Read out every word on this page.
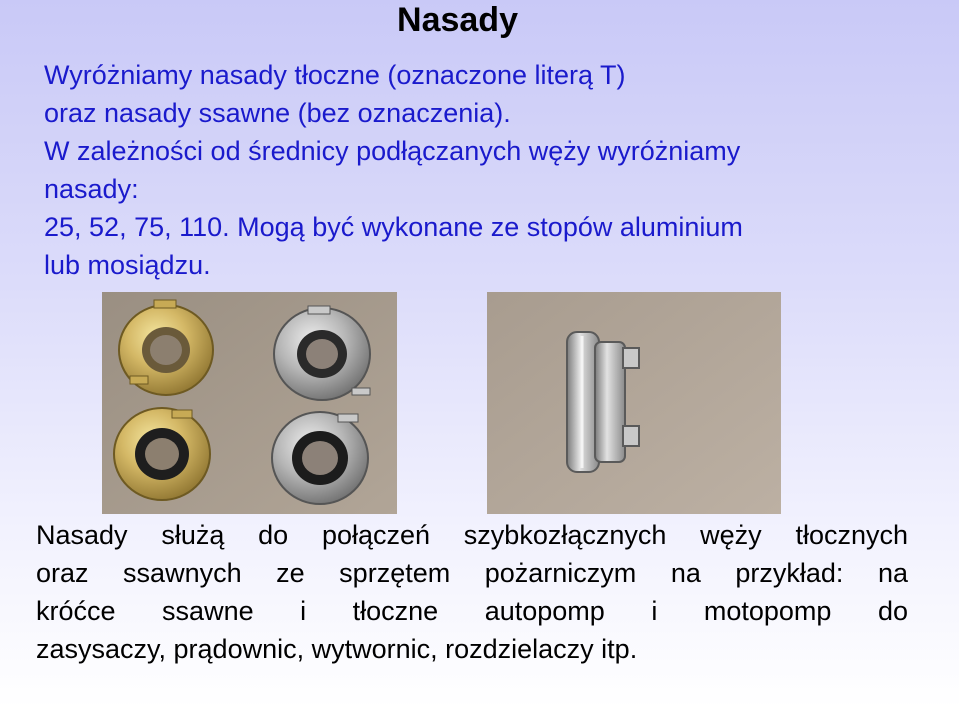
Nasady
Wyróżniamy nasady tłoczne (oznaczone literą T)
oraz nasady ssawne (bez oznaczenia).
W zależności od średnicy podłączanych węży wyróżniamy
nasady:
25, 52, 75, 110. Mogą być wykonane ze stopów aluminium
lub mosiądzu.
Nasady służą do połączeń szybkozłącznych węży tłocznych
oraz ssawnych ze sprzętem pożarniczym na przykład: na
króćce ssawne i tłoczne autopomp i motopomp do
zasysaczy, prądownic, wytwornic, rozdzielaczy itp.
